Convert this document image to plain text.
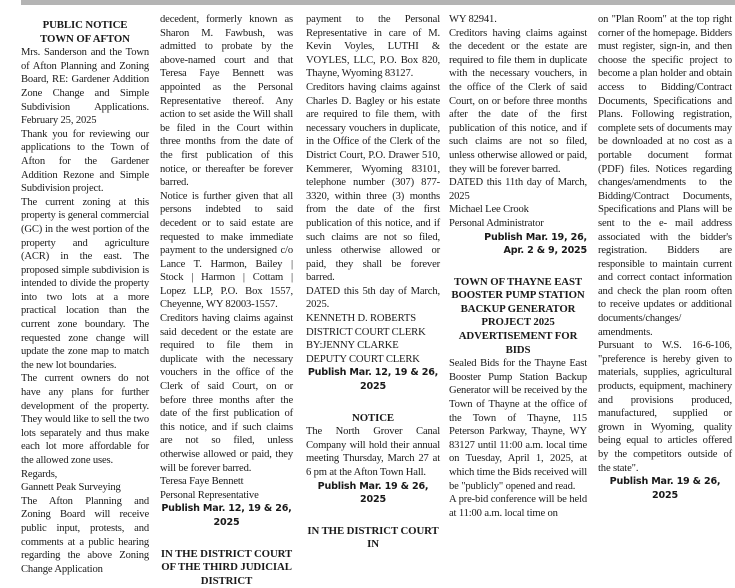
PUBLIC NOTICE
TOWN OF AFTON

Mrs. Sanderson and the Town of Afton Planning and Zoning Board, RE: Gardener Addition Zone Change and Simple Subdivision Applications. February 25, 2025

Thank you for reviewing our applications to the Town of Afton for the Gardener Addition Rezone and Simple Subdivision project.

The current zoning at this property is general commercial (GC) in the west portion of the property and agriculture (ACR) in the east. The proposed simple subdivision is intended to divide the property into two lots at a more practical location than the current zone boundary. The requested zone change will update the zone map to match the new lot boundaries.

The current owners do not have any plans for further development of the property. They would like to sell the two lots separately and thus make each lot more affordable for the allowed zone uses.

Regards,
Gannett Peak Surveying

The Afton Planning and Zoning Board will receive public input, protests, and comments at a public hearing regarding the above Zoning Change Application

decedent, formerly known as Sharon M. Fawbush, was admitted to probate by the above-named court and that Teresa Faye Bennett was appointed as the Personal Representative thereof. Any action to set aside the Will shall be filed in the Court within three months from the date of the first publication of this notice, or thereafter be forever barred.

Notice is further given that all persons indebted to said decedent or to said estate are requested to make immediate payment to the undersigned c/o Lance T. Harmon, Bailey | Stock | Harmon | Cottam | Lopez LLP, P.O. Box 1557, Cheyenne, WY 82003-1557.

Creditors having claims against said decedent or the estate are required to file them in duplicate with the necessary vouchers in the office of the Clerk of said Court, on or before three months after the date of the first publication of this notice, and if such claims are not so filed, unless otherwise allowed or paid, they will be forever barred.

Teresa Faye Bennett
Personal Representative
Publish Mar. 12, 19 & 26, 2025
IN THE DISTRICT COURT
OF THE THIRD JUDICIAL
DISTRICT

payment to the Personal Representative in care of M. Kevin Voyles, LUTHI & VOYLES, LLC, P.O. Box 820, Thayne, Wyoming 83127.

Creditors having claims against Charles D. Bagley or his estate are required to file them, with necessary vouchers in duplicate, in the Office of the Clerk of the District Court, P.O. Drawer 510, Kemmerer, Wyoming 83101, telephone number (307) 877-3320, within three (3) months from the date of the first publication of this notice, and if such claims are not so filed, unless otherwise allowed or paid, they shall be forever barred.

DATED this 5th day of March, 2025.

KENNETH D. ROBERTS
DISTRICT COURT CLERK
BY:JENNY CLARKE
DEPUTY COURT CLERK
Publish Mar. 12, 19 & 26, 2025
NOTICE

The North Grover Canal Company will hold their annual meeting Thursday, March 27 at 6 pm at the Afton Town Hall.

Publish Mar. 19 & 26, 2025
IN THE DISTRICT COURT IN
WY 82941.

Creditors having claims against the decedent or the estate are required to file them in duplicate with the necessary vouchers, in the office of the Clerk of said Court, on or before three months after the date of the first publication of this notice, and if such claims are not so filed, unless otherwise allowed or paid, they will be forever barred.

DATED this 11th day of March, 2025

Michael Lee Crook
Personal Administrator
Publish Mar. 19, 26,
Apr. 2 & 9, 2025
TOWN OF THAYNE EAST
BOOSTER PUMP STATION
BACKUP GENERATOR
PROJECT 2025
ADVERTISEMENT FOR BIDS

Sealed Bids for the Thayne East Booster Pump Station Backup Generator will be received by the Town of Thayne at the office of the Town of Thayne, 115 Peterson Parkway, Thayne, WY 83127 until 11:00 a.m. local time on Tuesday, April 1, 2025, at which time the Bids received will be "publicly" opened and read.

A pre-bid conference will be held at 11:00 a.m. local time on

on "Plan Room" at the top right corner of the homepage. Bidders must register, sign-in, and then choose the specific project to become a plan holder and obtain access to Bidding/Contract Documents, Specifications and Plans. Following registration, complete sets of documents may be downloaded at no cost as a portable document format (PDF) files. Notices regarding changes/amendments to the Bidding/Contract Documents, Specifications and Plans will be sent to the e- mail address associated with the bidder's registration. Bidders are responsible to maintain current and correct contact information and check the plan room often to receive updates or additional documents/changes/ amendments.

Pursuant to W.S. 16-6-106, "preference is hereby given to materials, supplies, agricultural products, equipment, machinery and provisions produced, manufactured, supplied or grown in Wyoming, quality being equal to articles offered by the competitors outside of the state".

Publish Mar. 19 & 26, 2025
